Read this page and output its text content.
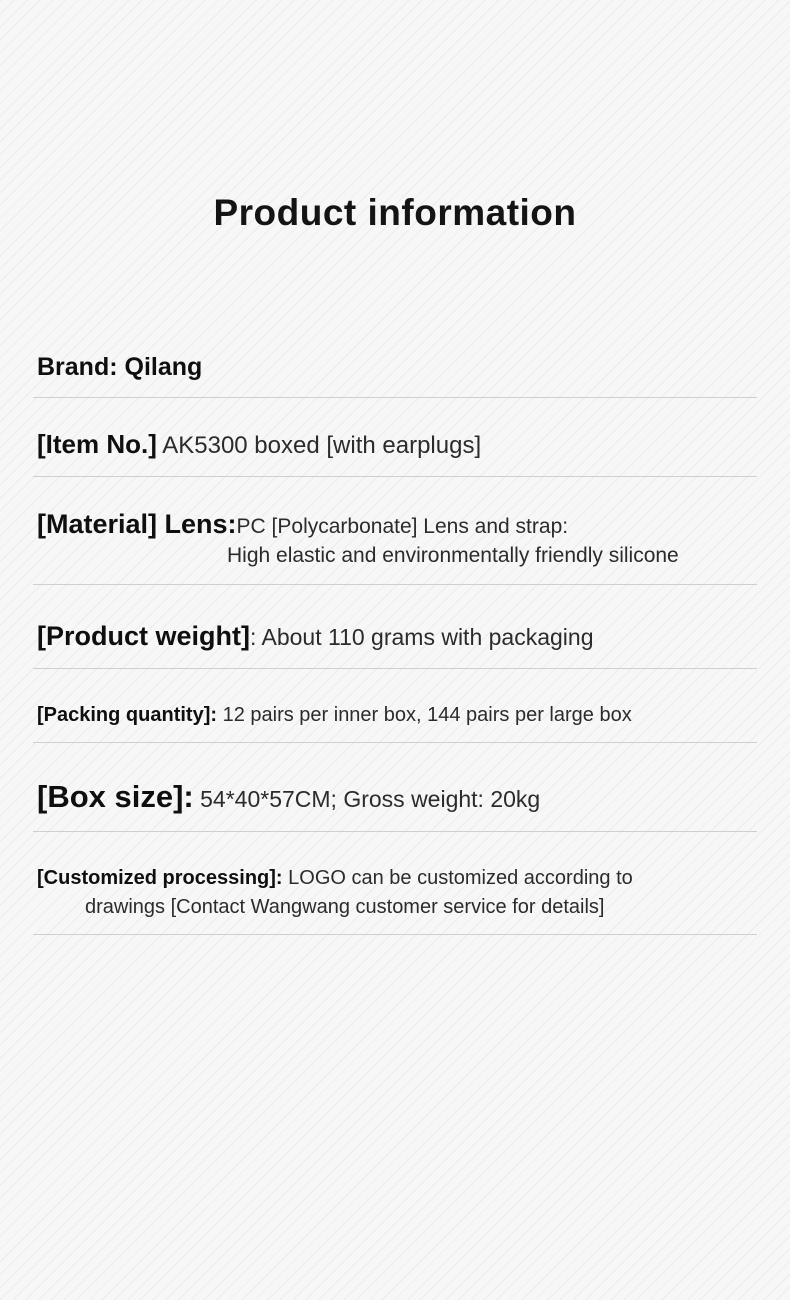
Product information
Brand: Qilang
[Item No.] AK5300 boxed [with earplugs]
[Material] Lens:PC [Polycarbonate] Lens and strap:
High elastic and environmentally friendly silicone
[Product weight]: About 110 grams with packaging
[Packing quantity]: 12 pairs per inner box, 144 pairs per large box
[Box size]: 54*40*57CM; Gross weight: 20kg
[Customized processing]: LOGO can be customized according to
drawings [Contact Wangwang customer service for details]
